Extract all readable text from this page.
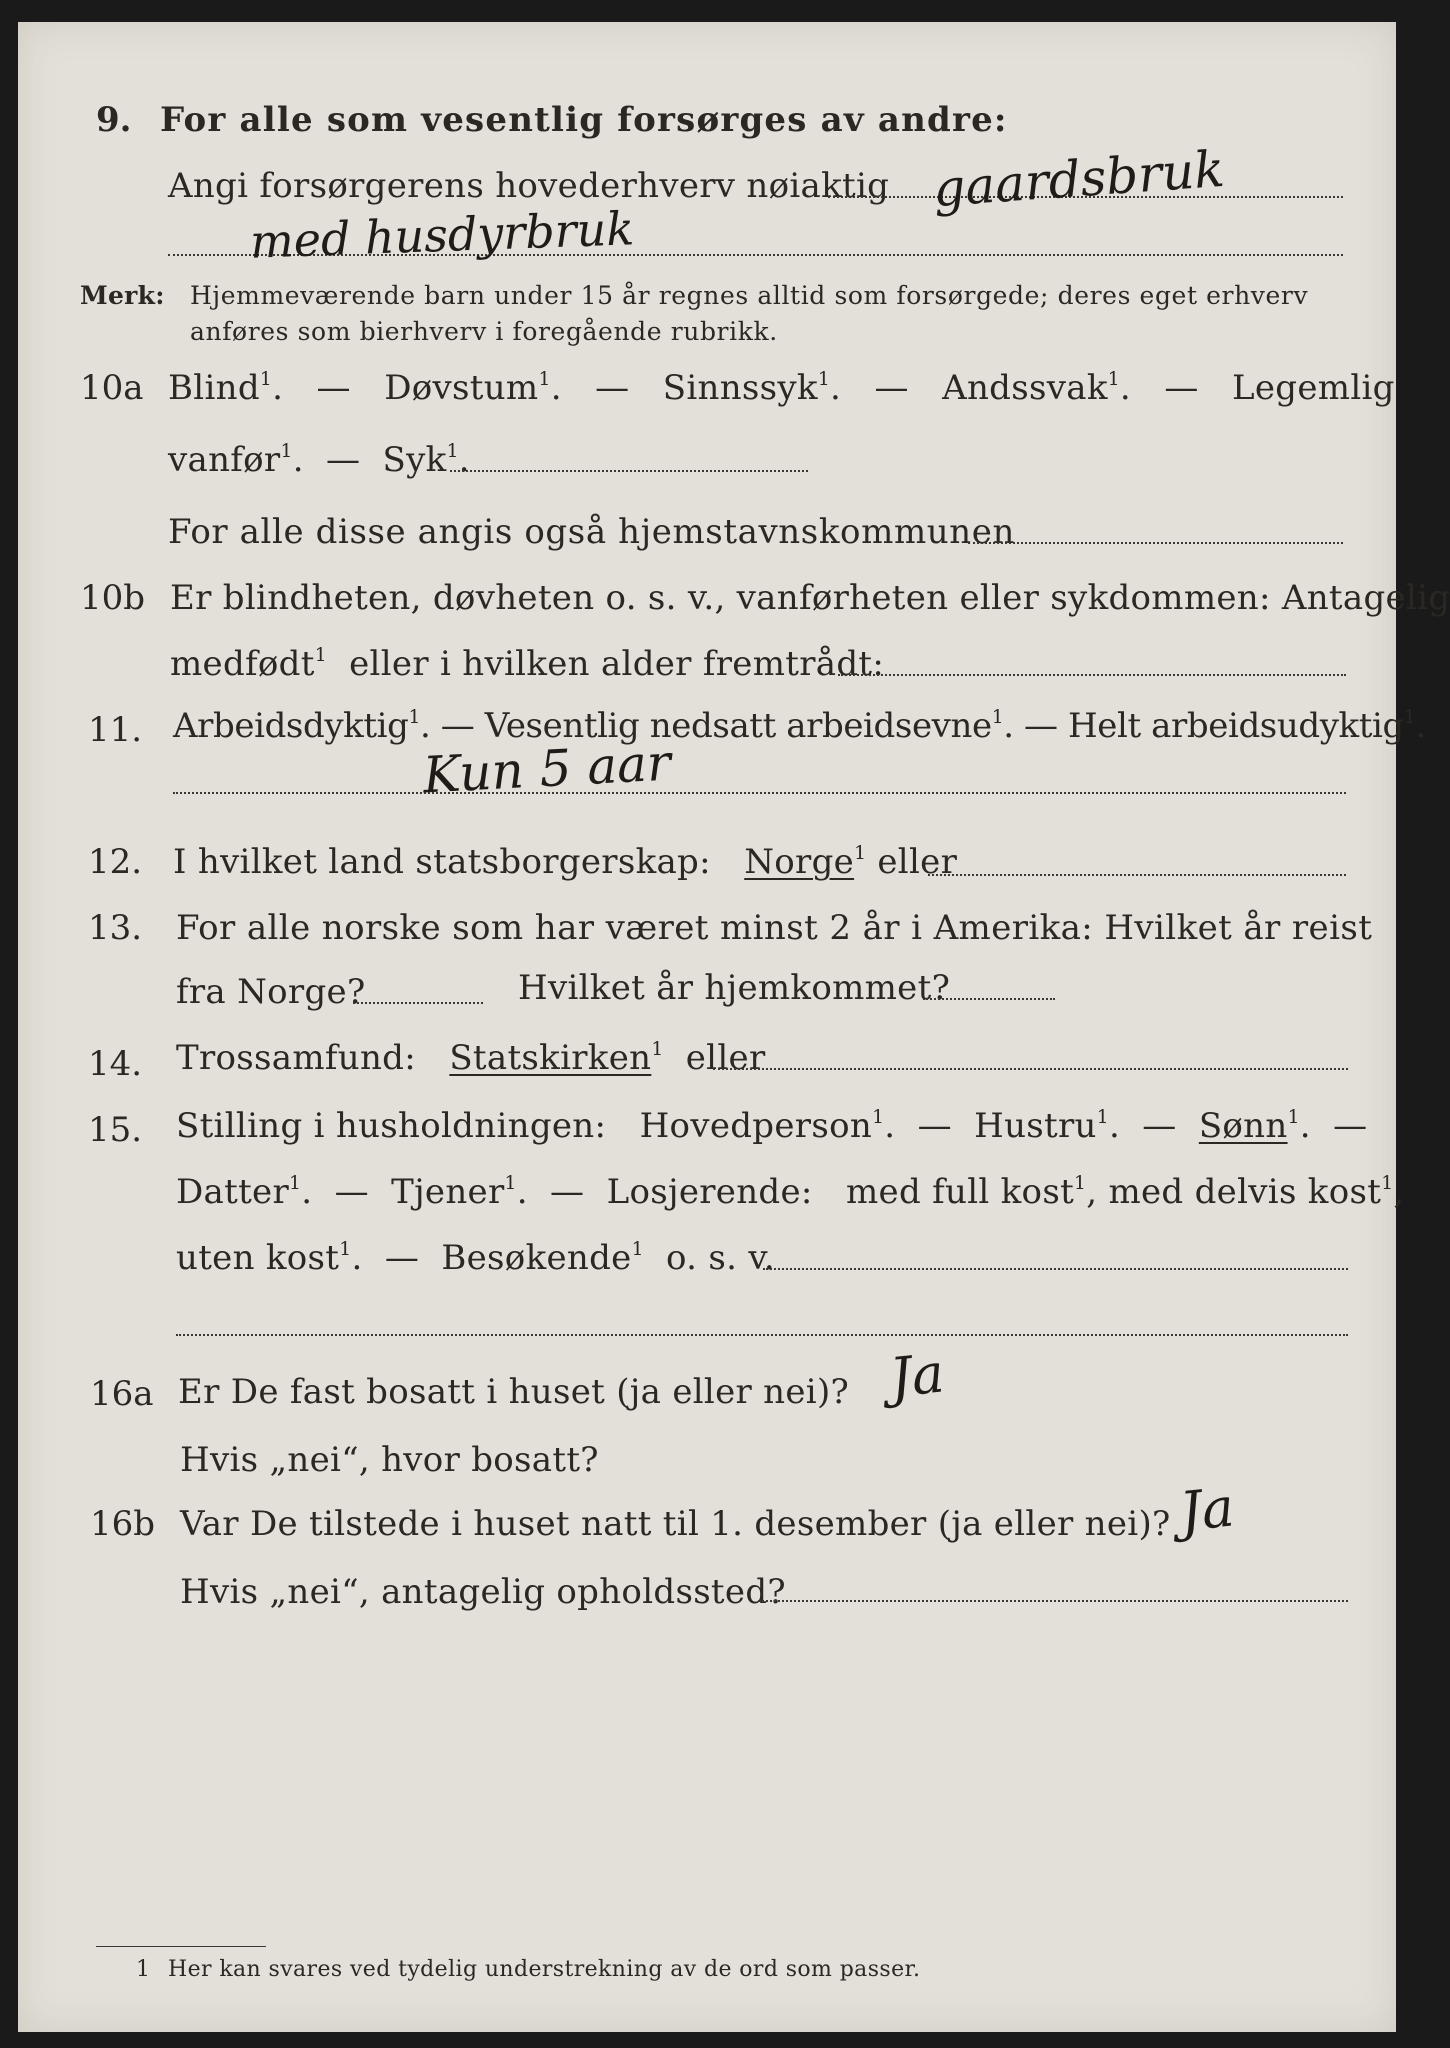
9. For alle som vesentlig forsørges av andre:
Angi forsørgerens hovederhverv nøiaktig gaardsbruk
med husdyrbruk
Merk: Hjemmeværende barn under 15 år regnes alltid som forsørgede; deres eget erhverv
anføres som bierhverv i foregående rubrikk.
10a Blind$^1$. — Døvstum$^1$. — Sinnssyk$^1$. — Andssvak$^1$. — Legemlig
vanfør$^1$. — Syk$^1$.
For alle disse angis også hjemstavnskommunen
10b Er blindheten, døvheten o. s. v., vanførheten eller sykdommen: Antagelig
medfødt$^1$ eller i hvilken alder fremtrådt:
11. Arbeidsdyktig$^1$. — Vesentlig nedsatt arbeidsevne$^1$. — Helt arbeidsudyktig$^1$.
Kun 5 aar
12. I hvilket land statsborgerskap: Norge$^1$ eller
13. For alle norske som har været minst 2 år i Amerika: Hvilket år reist
fra Norge?	Hvilket år hjemkommet?
14. Trossamfund: Statskirken$^1$ eller
15. Stilling i husholdningen: Hovedperson$^1$. — Hustru$^1$. — Sønn$^1$. —
Datter$^1$. — Tjener$^1$. — Losjerende: med full kost$^1$, med delvis kost$^1$,
uten kost$^1$. — Besøkende$^1$ o. s. v.
16a Er De fast bosatt i huset (ja eller nei)? Ja
Hvis „nei“, hvor bosatt?
16b Var De tilstede i huset natt til 1. desember (ja eller nei)? Ja
Hvis „nei“, antagelig opholdssted?
1 Her kan svares ved tydelig understrekning av de ord som passer.
